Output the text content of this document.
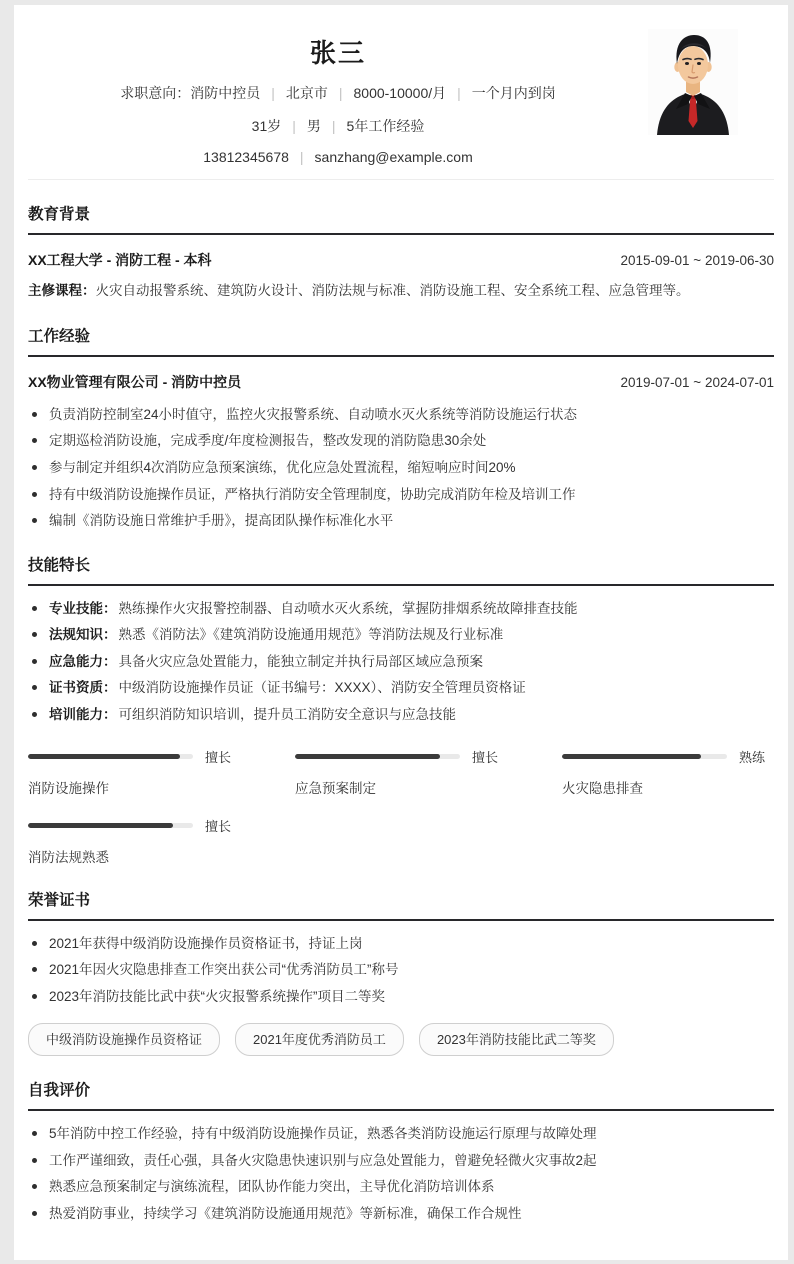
张三
求职意向：消防中控员 | 北京市 | 8000-10000/月 | 一个月内到岗
31岁 | 男 | 5年工作经验
13812345678 | sanzhang@example.com
教育背景
XX工程大学 - 消防工程 - 本科	2015-09-01 ~ 2019-06-30
主修课程：火灾自动报警系统、建筑防火设计、消防法规与标准、消防设施工程、安全系统工程、应急管理等。
工作经验
XX物业管理有限公司 - 消防中控员	2019-07-01 ~ 2024-07-01
负责消防控制室24小时值守，监控火灾报警系统、自动喷水灭火系统等消防设施运行状态
定期巡检消防设施，完成季度/年度检测报告，整改发现的消防隐患30余处
参与制定并组织4次消防应急预案演练，优化应急处置流程，缩短响应时间20%
持有中级消防设施操作员证，严格执行消防安全管理制度，协助完成消防年检及培训工作
编制《消防设施日常维护手册》，提高团队操作标准化水平
技能特长
专业技能： 熟练操作火灾报警控制器、自动喷水灭火系统，掌握防排烟系统故障排查技能
法规知识： 熟悉《消防法》《建筑消防设施通用规范》等消防法规及行业标准
应急能力： 具备火灾应急处置能力，能独立制定并执行局部区域应急预案
证书资质： 中级消防设施操作员证（证书编号：XXXX）、消防安全管理员资格证
培训能力： 可组织消防知识培训，提升员工消防安全意识与应急技能
擅长
消防设施操作
擅长
应急预案制定
熟练
火灾隐患排查
擅长
消防法规熟悉
荣誉证书
2021年获得中级消防设施操作员资格证书，持证上岗
2021年因火灾隐患排查工作突出获公司“优秀消防员工”称号
2023年消防技能比武中获“火灾报警系统操作”项目二等奖
中级消防设施操作员资格证	2021年度优秀消防员工	2023年消防技能比武二等奖
自我评价
5年消防中控工作经验，持有中级消防设施操作员证，熟悉各类消防设施运行原理与故障处理
工作严谨细致，责任心强，具备火灾隐患快速识别与应急处置能力，曾避免轻微火灾事故2起
熟悉应急预案制定与演练流程，团队协作能力突出，主导优化消防培训体系
热爱消防事业，持续学习《建筑消防设施通用规范》等新标准，确保工作合规性
